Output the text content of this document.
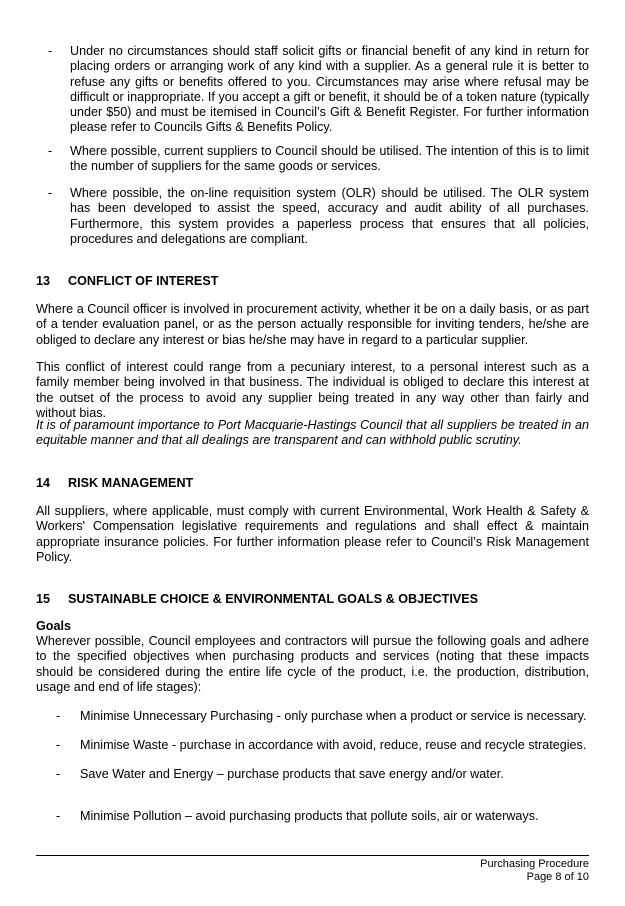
- Under no circumstances should staff solicit gifts or financial benefit of any kind in return for placing orders or arranging work of any kind with a supplier. As a general rule it is better to refuse any gifts or benefits offered to you. Circumstances may arise where refusal may be difficult or inappropriate. If you accept a gift or benefit, it should be of a token nature (typically under $50) and must be itemised in Council’s Gift & Benefit Register. For further information please refer to Councils Gifts & Benefits Policy.
- Where possible, current suppliers to Council should be utilised. The intention of this is to limit the number of suppliers for the same goods or services.
- Where possible, the on-line requisition system (OLR) should be utilised. The OLR system has been developed to assist the speed, accuracy and audit ability of all purchases. Furthermore, this system provides a paperless process that ensures that all policies, procedures and delegations are compliant.
13 CONFLICT OF INTEREST

Where a Council officer is involved in procurement activity, whether it be on a daily basis, or as part of a tender evaluation panel, or as the person actually responsible for inviting tenders, he/she are obliged to declare any interest or bias he/she may have in regard to a particular supplier.

This conflict of interest could range from a pecuniary interest, to a personal interest such as a family member being involved in that business. The individual is obliged to declare this interest at the outset of the process to avoid any supplier being treated in any way other than fairly and without bias.

It is of paramount importance to Port Macquarie-Hastings Council that all suppliers be treated in an equitable manner and that all dealings are transparent and can withhold public scrutiny.

14 RISK MANAGEMENT

All suppliers, where applicable, must comply with current Environmental, Work Health & Safety & Workers' Compensation legislative requirements and regulations and shall effect & maintain appropriate insurance policies. For further information please refer to Council’s Risk Management Policy.

15 SUSTAINABLE CHOICE & ENVIRONMENTAL GOALS & OBJECTIVES
Goals

Wherever possible, Council employees and contractors will pursue the following goals and adhere to the specified objectives when purchasing products and services (noting that these impacts should be considered during the entire life cycle of the product, i.e. the production, distribution, usage and end of life stages):

- Minimise Unnecessary Purchasing - only purchase when a product or service is necessary.
- Minimise Waste - purchase in accordance with avoid, reduce, reuse and recycle strategies.
- Save Water and Energy – purchase products that save energy and/or water.
- Minimise Pollution – avoid purchasing products that pollute soils, air or waterways.
Purchasing Procedure
Page 8 of 10
